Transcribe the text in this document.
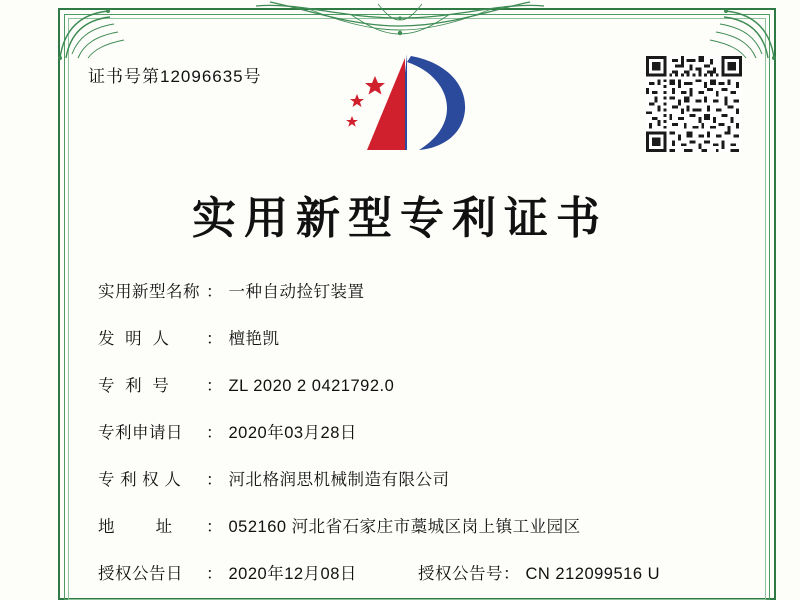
证书号第12096635号
实用新型专利证书
实用新型名称 ： 一种自动捡钉装置
发  明  人	： 檀艳凯
专  利  号	： ZL 2020 2 0421792.0
专利申请日	： 2020年03月28日
专 利 权 人	： 河北格润思机械制造有限公司
地        址	： 052160 河北省石家庄市藁城区岗上镇工业园区
授权公告日	： 2020年12月08日	授权公告号 ： CN 212099516 U
